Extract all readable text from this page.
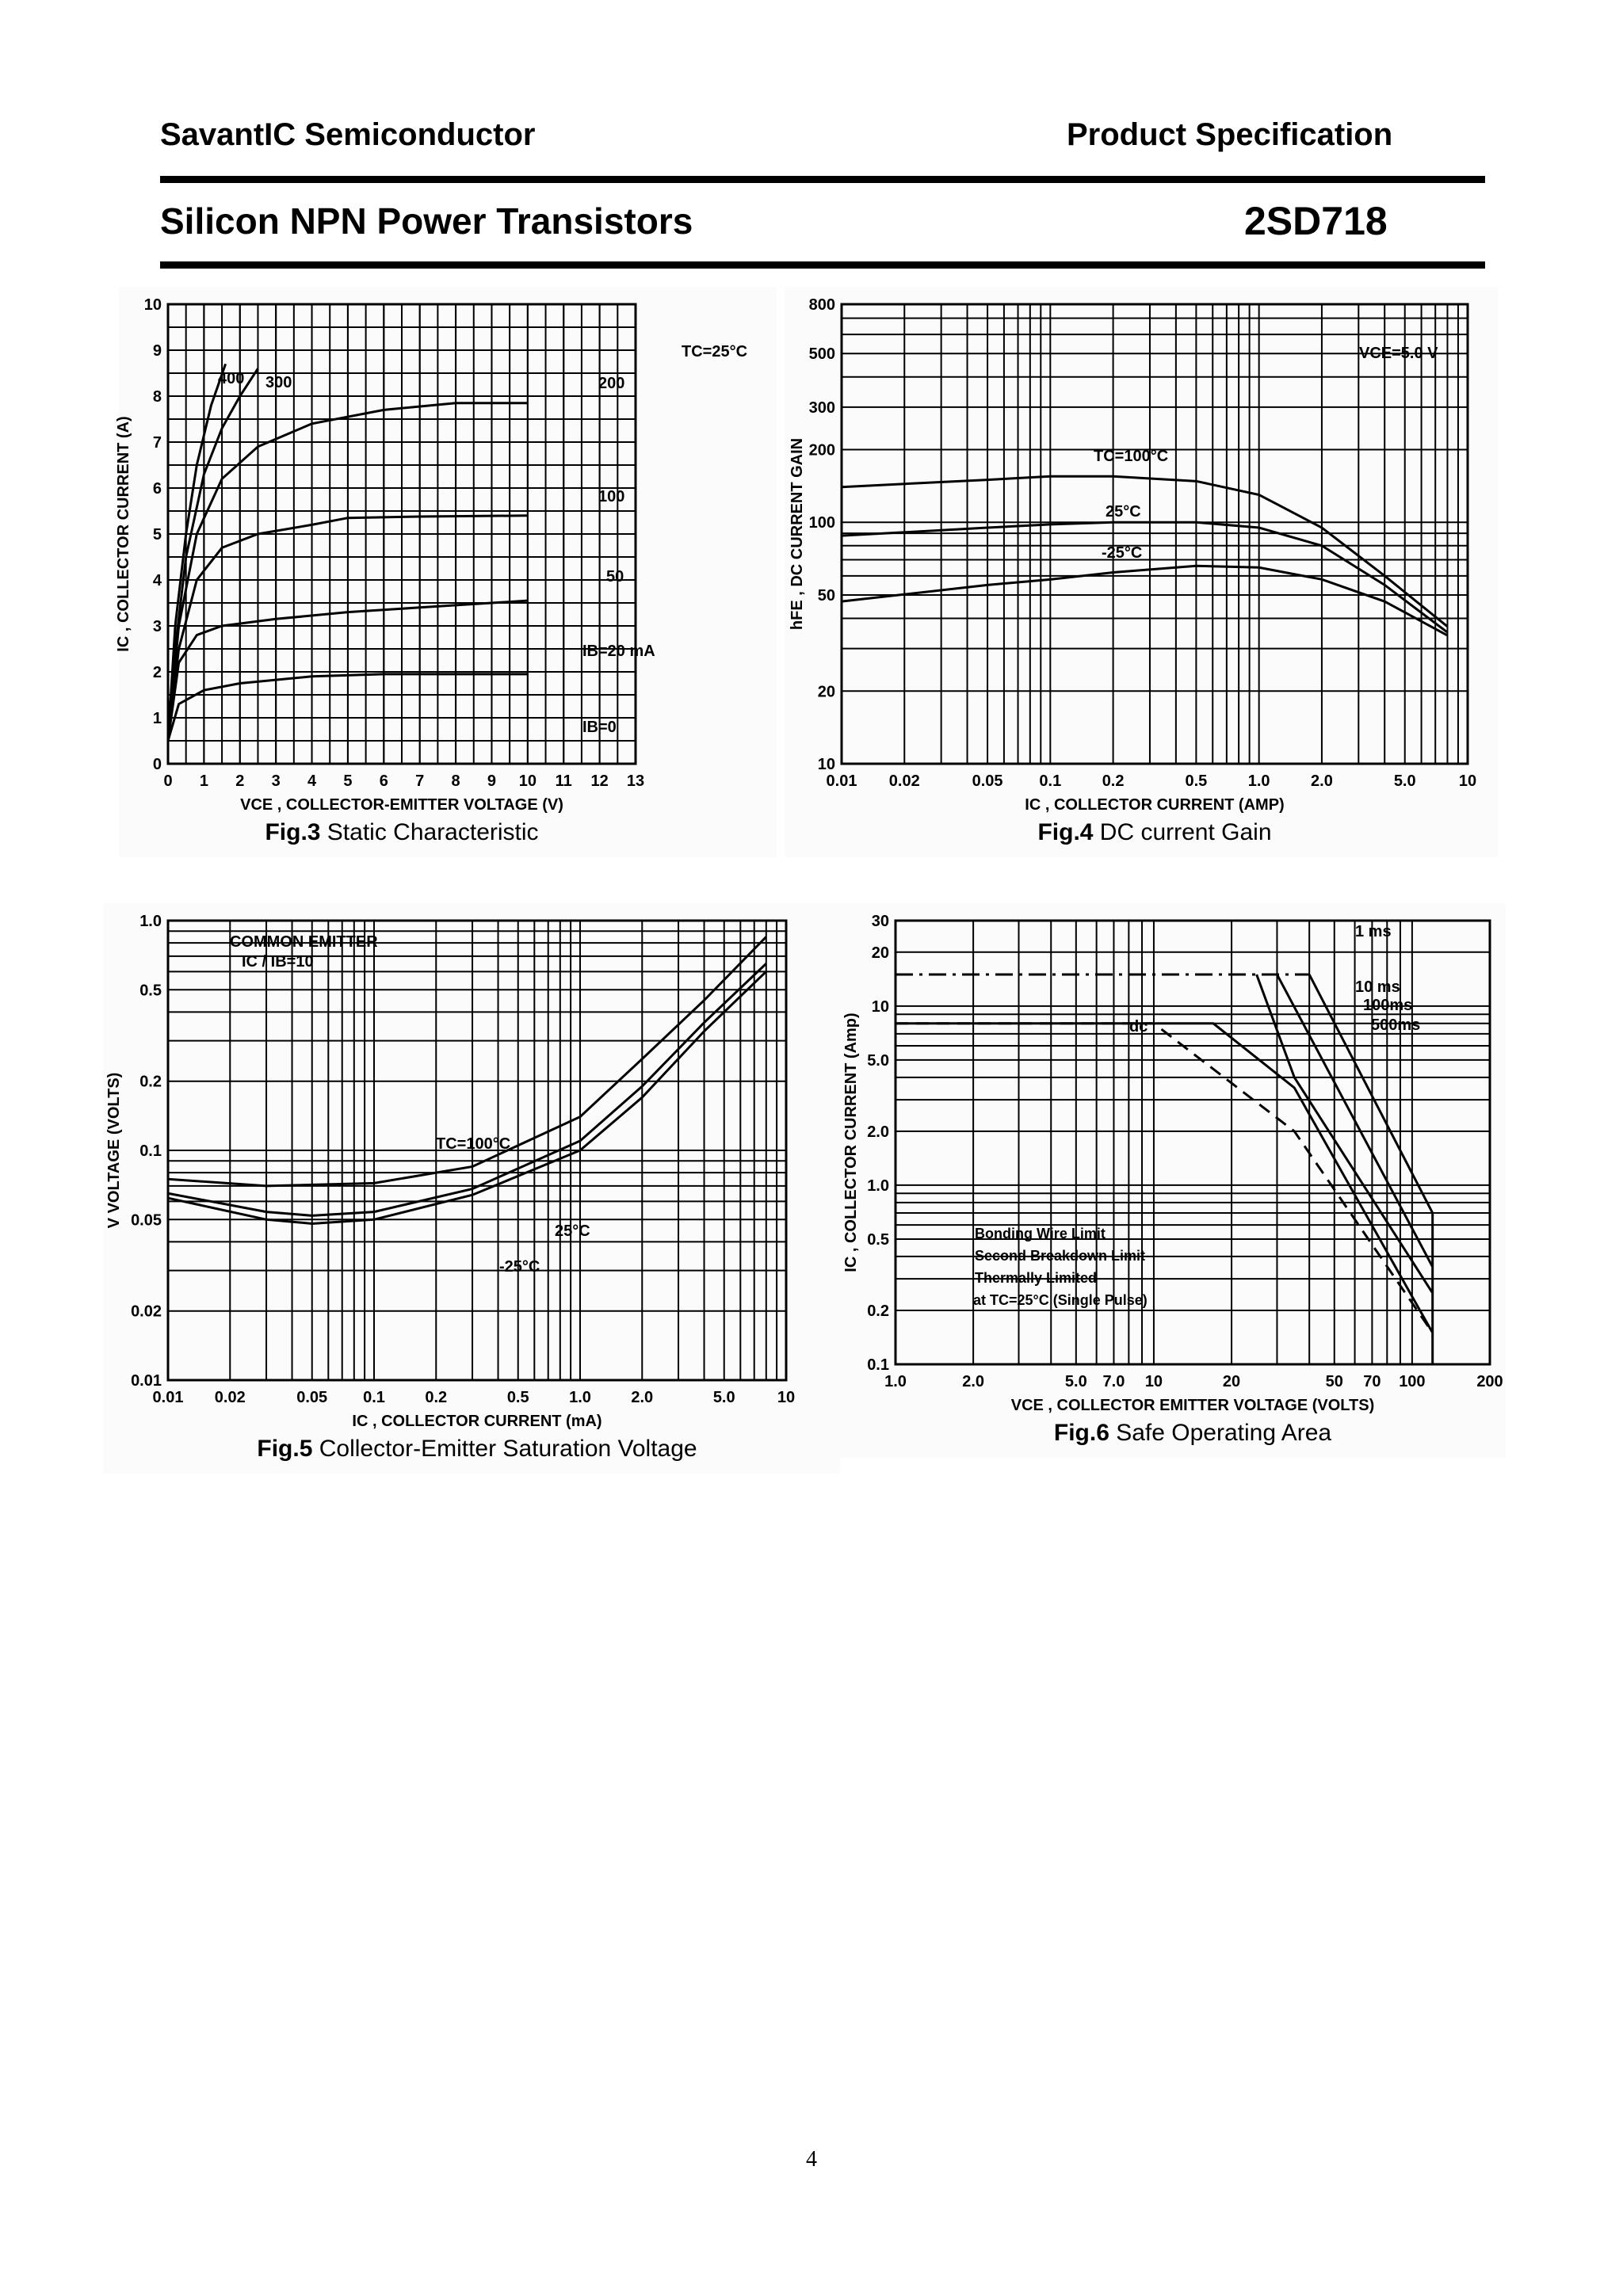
SavantIC Semiconductor	Product Specification
Silicon NPN Power Transistors	2SD718
0 1 2 3 4 5 6 7 8 9 10 11 12 13
0
1
2
3
4
5
6
7
8
9
10
VCE , COLLECTOR-EMITTER VOLTAGE (V)
IC , COLLECTOR CURRENT (A)
Fig.3 Static Characteristic
400 300	200
100
50
IB=20 mA
IB=0
TC=25°C
0.01 0.02	0.05 0.1	0.2	0.5	1.0	2.0	5.0	10
10
20
50
100
200
300
500
800
IC , COLLECTOR CURRENT (AMP)
hFE , DC CURRENT GAIN
Fig.4 DC current Gain
TC=100°C
25°C
-25°C
VCE=5.0 V
0.01 0.02	0.05 0.1	0.2	0.5	1.0	2.0	5.0	10
0.01
0.02
0.05
0.1
0.2
0.5
1.0
IC , COLLECTOR CURRENT (mA)
V VOLTAGE (VOLTS)
Fig.5 Collector-Emitter Saturation Voltage
COMMON EMITTER
IC / IB=10
TC=100°C
25°C
-25°C
1.0	2.0	5.0 7.0 10	20	50 70 100	200
0.1
0.2
0.5
1.0
2.0
5.0
10
20
30
VCE , COLLECTOR EMITTER VOLTAGE (VOLTS)
IC , COLLECTOR CURRENT (Amp)
Fig.6 Safe Operating Area
1 ms
10 ms
100ms
500ms
dc
Bonding Wire Limit
Second Breakdown Limit
Thermally Limited
at TC=25°C (Single Pulse)
4
